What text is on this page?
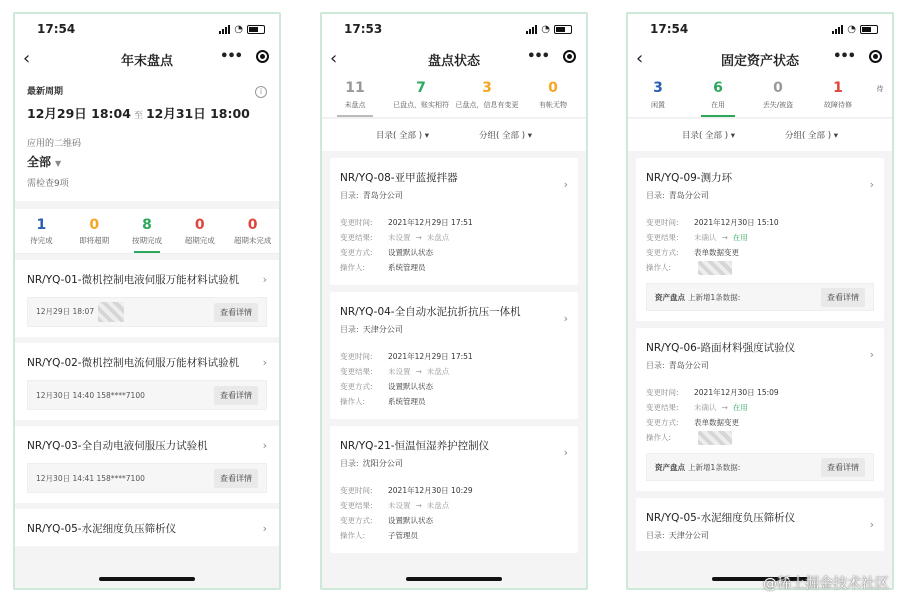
17:54	◔
‹	年末盘点	•••
i
最新周期
12月29日 18:04 至 12月31日 18:00
应用的二维码
全部 ▼
需检查9项
1
待完成
0
即将超期
8
按期完成
0
超期完成
0
超期未完成
NR/YQ-01-微机控制电液伺服万能材料试验机	›
12月29日 18:07	查看详情
NR/YQ-02-微机控制电流伺服万能材料试验机	›
12月30日 14:40 158****7100	查看详情
NR/YQ-03-全自动电液伺服压力试验机	›
12月30日 14:41 158****7100	查看详情
NR/YQ-05-水泥细度负压筛析仪	›
17:53	◔
‹	盘点状态	•••
11
未盘点
7
已盘点，账实相符
3
已盘点，信息有变更
0
有帐无物
目录( 全部 ) ▾	分组( 全部 ) ▾
NR/YQ-08-亚甲蓝搅拌器
目录: 青岛分公司
›
变更时间:	2021年12月29日 17:51
变更结果:	未设置 → 未盘点
变更方式:	设置默认状态
操作人:	系统管理员
NR/YQ-04-全自动水泥抗折抗压一体机
目录: 天津分公司
›
变更时间:	2021年12月29日 17:51
变更结果:	未设置 → 未盘点
变更方式:	设置默认状态
操作人:	系统管理员
NR/YQ-21-恒温恒湿养护控制仪
目录: 沈阳分公司
›
变更时间:	2021年12月30日 10:29
变更结果:	未设置 → 未盘点
变更方式:	设置默认状态
操作人:	子管理员
17:54	◔
‹	固定资产状态	•••
3
闲置
6
在用
0
丢失/被盗
1
故障待修
待
目录( 全部 ) ▾	分组( 全部 ) ▾
NR/YQ-09-测力环
目录: 青岛分公司
›
变更时间:	2021年12月30日 15:10
变更结果:	未确认 → 在用
变更方式:	表单数据变更
操作人:
资产盘点 上新增1条数据:	查看详情
NR/YQ-06-路面材料强度试验仪
目录: 青岛分公司
›
变更时间:	2021年12月30日 15:09
变更结果:	未确认 → 在用
变更方式:	表单数据变更
操作人:
资产盘点 上新增1条数据:	查看详情
NR/YQ-05-水泥细度负压筛析仪
目录: 天津分公司
›
@稀土掘金技术社区
